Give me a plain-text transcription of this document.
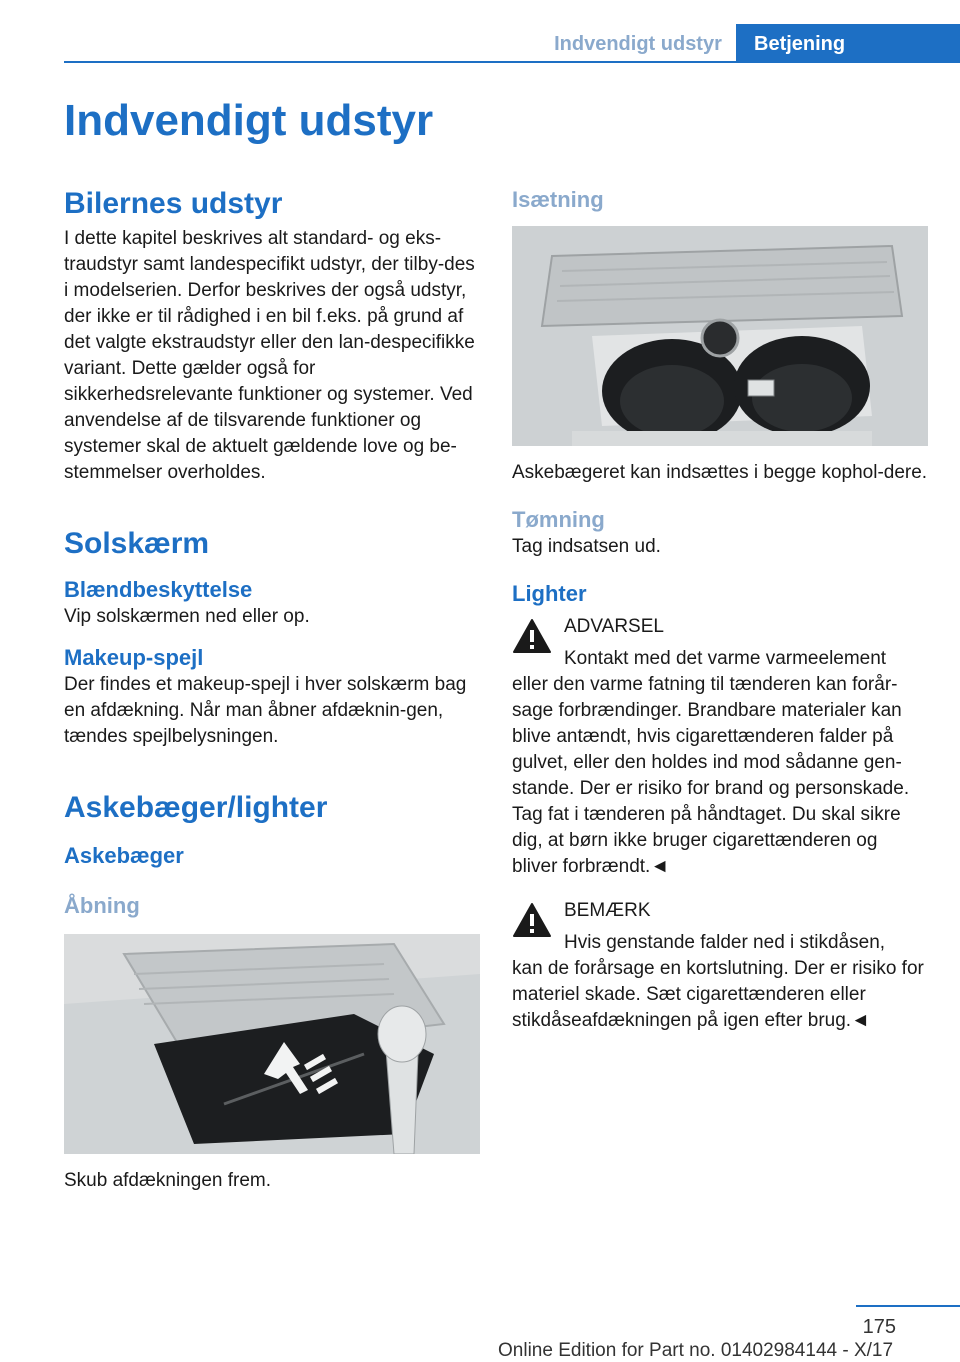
Indvendigt udstyr	Betjening
Indvendigt udstyr
Bilernes udstyr

I dette kapitel beskrives alt standard- og eks-traudstyr samt landespecifikt udstyr, der tilby-des i modelserien. Derfor beskrives der også udstyr, der ikke er til rådighed i en bil f.eks. på grund af det valgte ekstraudstyr eller den lan-despecifikke variant. Dette gælder også for sikkerhedsrelevante funktioner og systemer. Ved anvendelse af de tilsvarende funktioner og systemer skal de aktuelt gældende love og be-stemmelser overholdes.

Solskærm
Blændbeskyttelse

Vip solskærmen ned eller op.

Makeup-spejl

Der findes et makeup-spejl i hver solskærm bag en afdækning. Når man åbner afdæknin-gen, tændes spejlbelysningen.

Askebæger/lighter
Askebæger
Åbning

Skub afdækningen frem.

Isætning

Askebægeret kan indsættes i begge kophol-dere.

Tømning

Tag indsatsen ud.

Lighter

ADVARSEL

Kontakt med det varme varmeelement

eller den varme fatning til tænderen kan forår-sage forbrændinger. Brandbare materialer kan blive antændt, hvis cigarettænderen falder på gulvet, eller den holdes ind mod sådanne gen-stande. Der er risiko for brand og personskade. Tag fat i tænderen på håndtaget. Du skal sikre dig, at børn ikke bruger cigarettænderen og bliver forbrændt.◄

BEMÆRK

Hvis genstande falder ned i stikdåsen,

kan de forårsage en kortslutning. Der er risiko for materiel skade. Sæt cigarettænderen eller stikdåseafdækningen på igen efter brug.◄

175
Online Edition for Part no. 01402984144 - X/17
